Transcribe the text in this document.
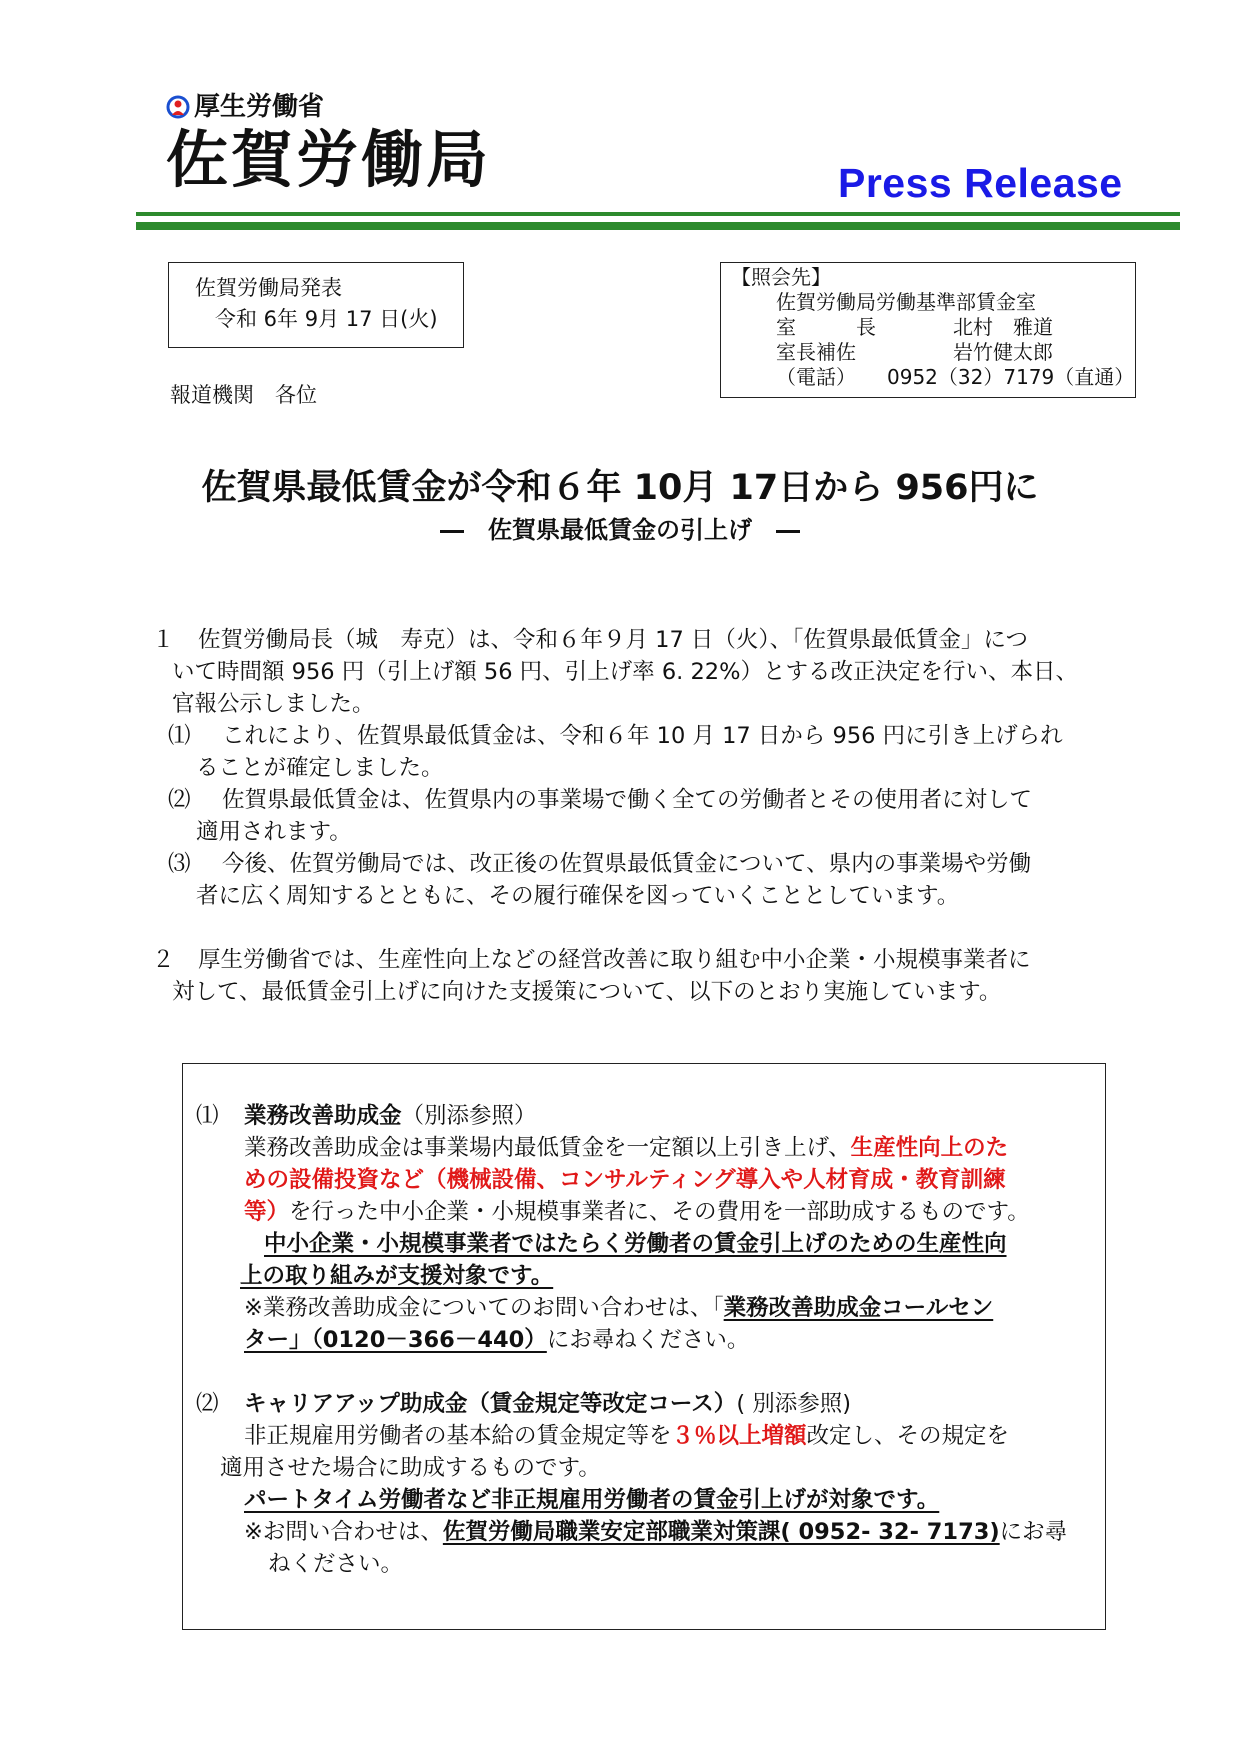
厚生労働省
佐賀労働局	Press Release
佐賀労働局発表
令和 6年 9月 17 日(火)
【照会先】
佐賀労働局労働基準部賃金室
室　　　長	北村　雅道
室長補佐	岩竹健太郎
（電話） 0952（32）7179（直通）
報道機関　各位
佐賀県最低賃金が令和６年 10月 17日から 956円に
―　佐賀県最低賃金の引上げ　―
１ 佐賀労働局長（城　寿克）は、令和６年９月 17 日（火）、「佐賀県最低賃金」につ
いて時間額 956 円（引上げ額 56 円、引上げ率 6. 22%）とする改正決定を行い、本日、
官報公示しました。
⑴ これにより、佐賀県最低賃金は、令和６年 10 月 17 日から 956 円に引き上げられ
ることが確定しました。
⑵ 佐賀県最低賃金は、佐賀県内の事業場で働く全ての労働者とその使用者に対して
適用されます。
⑶ 今後、佐賀労働局では、改正後の佐賀県最低賃金について、県内の事業場や労働
者に広く周知するとともに、その履行確保を図っていくこととしています。
２ 厚生労働省では、生産性向上などの経営改善に取り組む中小企業・小規模事業者に
対して、最低賃金引上げに向けた支援策について、以下のとおり実施しています。
⑴ 業務改善助成金（別添参照）
業務改善助成金は事業場内最低賃金を一定額以上引き上げ、生産性向上のた
めの設備投資など（機械設備、コンサルティング導入や人材育成・教育訓練
等）を行った中小企業・小規模事業者に、その費用を一部助成するものです。
中小企業・小規模事業者ではたらく労働者の賃金引上げのための生産性向
上の取り組みが支援対象です。
※業務改善助成金についてのお問い合わせは、「業務改善助成金コールセン
ター」（0120－366－440）にお尋ねください。
⑵ キャリアアップ助成金（賃金規定等改定コース）( 別添参照)
非正規雇用労働者の基本給の賃金規定等を３％以上増額改定し、その規定を
適用させた場合に助成するものです。
パートタイム労働者など非正規雇用労働者の賃金引上げが対象です。
※お問い合わせは、佐賀労働局職業安定部職業対策課( 0952- 32- 7173)にお尋
ねください。
